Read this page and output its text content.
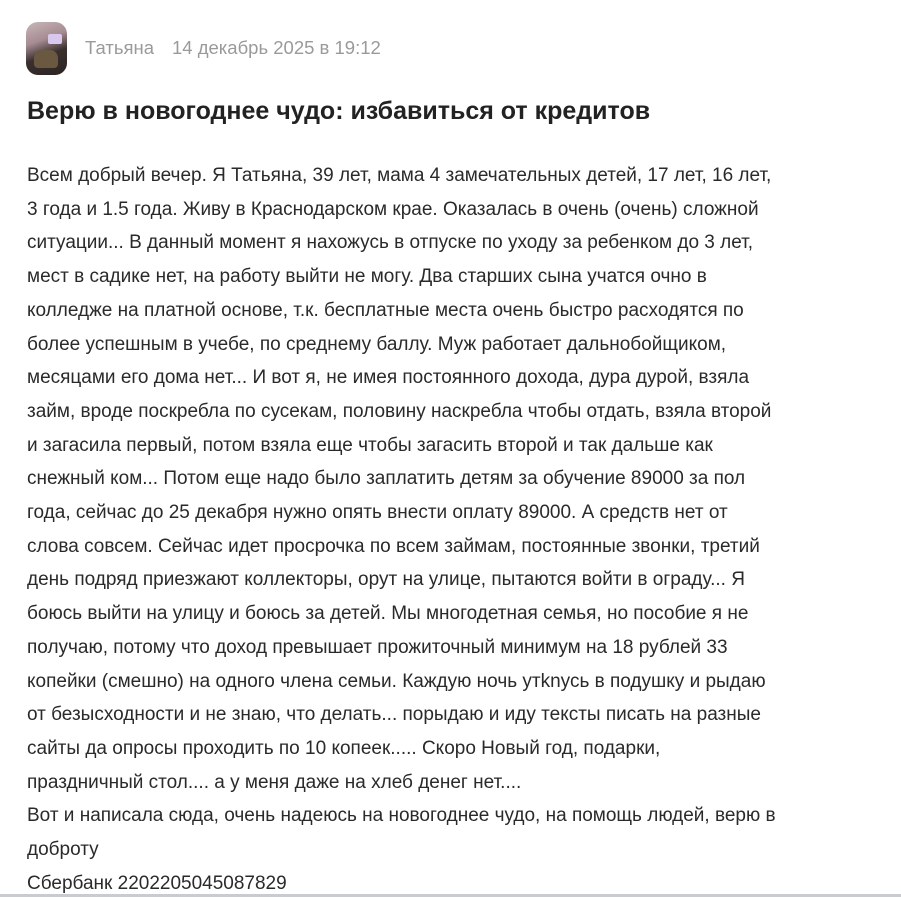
Татьяна 14 декабрь 2025 в 19:12
Верю в новогоднее чудо: избавиться от кредитов
Всем добрый вечер. Я Татьяна, 39 лет, мама 4 замечательных детей, 17 лет, 16 лет,
3 года и 1.5 года. Живу в Краснодарском крае. Оказалась в очень (очень) сложной
ситуации... В данный момент я нахожусь в отпуске по уходу за ребенком до 3 лет,
мест в садике нет, на работу выйти не могу. Два старших сына учатся очно в
колледже на платной основе, т.к. бесплатные места очень быстро расходятся по
более успешным в учебе, по среднему баллу. Муж работает дальнобойщиком,
месяцами его дома нет... И вот я, не имея постоянного дохода, дура дурой, взяла
займ, вроде поскребла по сусекам, половину наскребла чтобы отдать, взяла второй
и загасила первый, потом взяла еще чтобы загасить второй и так дальше как
снежный ком... Потом еще надо было заплатить детям за обучение 89000 за пол
года, сейчас до 25 декабря нужно опять внести оплату 89000. А средств нет от
слова совсем. Сейчас идет просрочка по всем займам, постоянные звонки, третий
день подряд приезжают коллекторы, орут на улице, пытаются войти в ограду... Я
боюсь выйти на улицу и боюсь за детей. Мы многодетная семья, но пособие я не
получаю, потому что доход превышает прожиточный минимум на 18 рублей 33
копейки (смешно) на одного члена семьи. Каждую ночь утknусь в подушку и рыдаю
от безысходности и не знаю, что делать... порыдаю и иду тексты писать на разные
сайты да опросы проходить по 10 копеек..... Скоро Новый год, подарки,
праздничный стол.... а у меня даже на хлеб денег нет....
Вот и написала сюда, очень надеюсь на новогоднее чудо, на помощь людей, верю в
доброту
Сбербанк 2202205045087829
